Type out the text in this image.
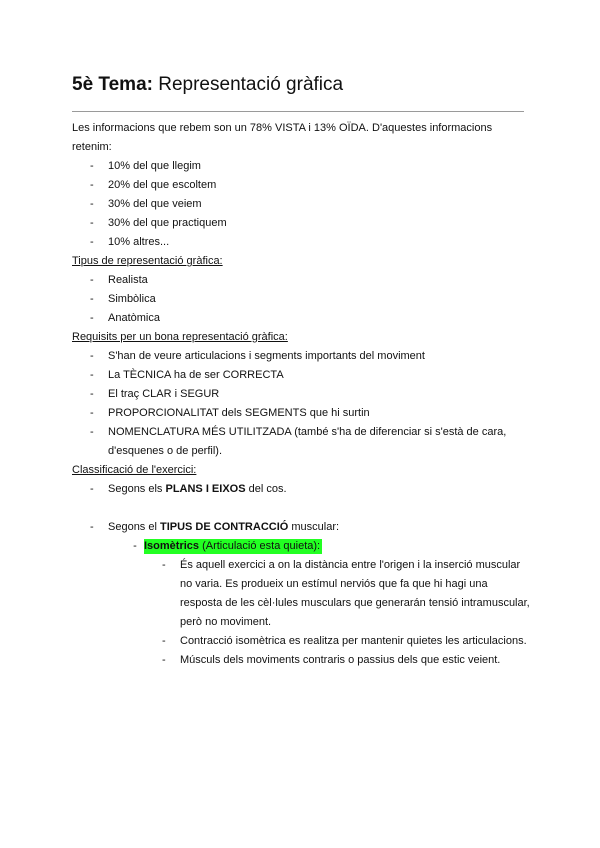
5è Tema: Representació gràfica

Les informacions que rebem son un 78% VISTA i 13% OÏDA. D'aquestes informacions retenim:

- 10% del que llegim
- 20% del que escoltem
- 30% del que veiem
- 30% del que practiquem
- 10% altres...

Tipus de representació gràfica:

- Realista
- Simbòlica
- Anatòmica

Requisits per un bona representació gràfica:

- S'han de veure articulacions i segments importants del moviment
- La TÈCNICA ha de ser CORRECTA
- El traç CLAR i SEGUR
- PROPORCIONALITAT dels SEGMENTS que hi surtin
- NOMENCLATURA MÉS UTILITZADA (també s'ha de diferenciar si s'està de cara, d'esquenes o de perfil).

Classificació de l'exercici:

- Segons els PLANS I EIXOS del cos.
- Segons el TIPUS DE CONTRACCIÓ muscular:
- Isomètrics (Articulació esta quieta):
- És aquell exercici a on la distància entre l'origen i la inserció muscular no varia. Es produeix un estímul nerviós que fa que hi hagi una resposta de les cèl·lules musculars que generarán tensió intramuscular, però no moviment.
- Contracció isomètrica es realitza per mantenir quietes les articulacions.
- Músculs dels moviments contraris o passius dels que estic veient.
